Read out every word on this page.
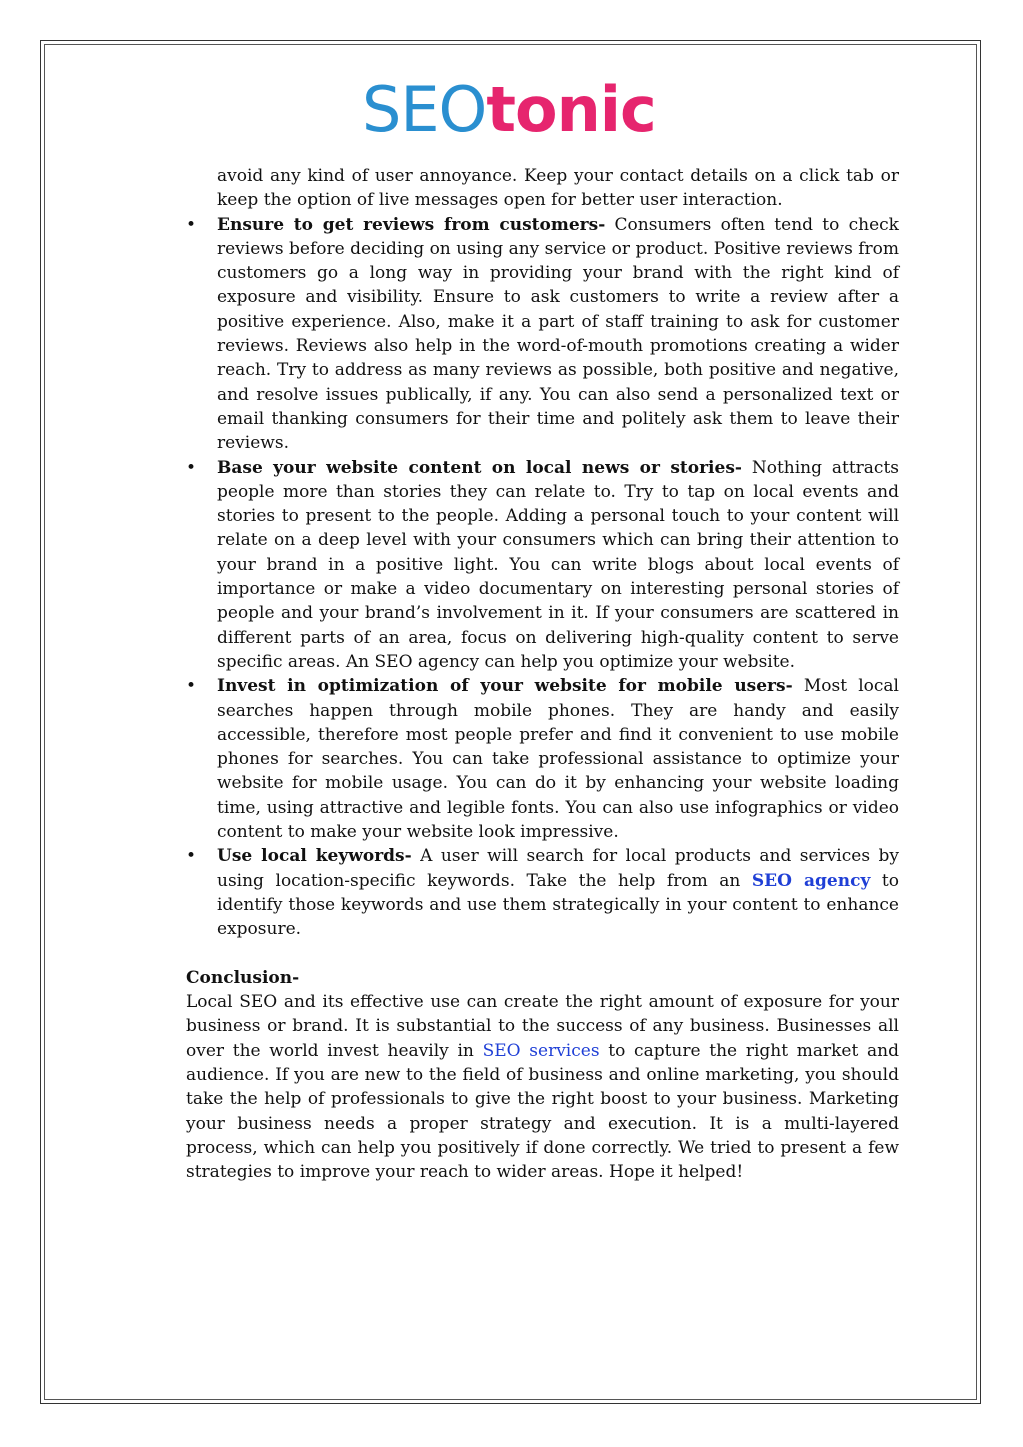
SEOtonic

avoid any kind of user annoyance. Keep your contact details on a click tab or keep the option of live messages open for better user interaction.

•	Ensure to get reviews from customers- Consumers often tend to check reviews before deciding on using any service or product. Positive reviews from customers go a long way in providing your brand with the right kind of exposure and visibility. Ensure to ask customers to write a review after a positive experience. Also, make it a part of staff training to ask for customer reviews. Reviews also help in the word-of-mouth promotions creating a wider reach. Try to address as many reviews as possible, both positive and negative, and resolve issues publically, if any. You can also send a personalized text or email thanking consumers for their time and politely ask them to leave their reviews.
•	Base your website content on local news or stories- Nothing attracts people more than stories they can relate to. Try to tap on local events and stories to present to the people. Adding a personal touch to your content will relate on a deep level with your consumers which can bring their attention to your brand in a positive light. You can write blogs about local events of importance or make a video documentary on interesting personal stories of people and your brand’s involvement in it. If your consumers are scattered in different parts of an area, focus on delivering high-quality content to serve specific areas. An SEO agency can help you optimize your website.
•	Invest in optimization of your website for mobile users- Most local searches happen through mobile phones. They are handy and easily accessible, therefore most people prefer and find it convenient to use mobile phones for searches. You can take professional assistance to optimize your website for mobile usage. You can do it by enhancing your website loading time, using attractive and legible fonts. You can also use infographics or video content to make your website look impressive.
•	Use local keywords- A user will search for local products and services by using location-specific keywords. Take the help from an SEO agency to identify those keywords and use them strategically in your content to enhance exposure.

Conclusion-

Local SEO and its effective use can create the right amount of exposure for your business or brand. It is substantial to the success of any business. Businesses all over the world invest heavily in SEO services to capture the right market and audience. If you are new to the field of business and online marketing, you should take the help of professionals to give the right boost to your business. Marketing your business needs a proper strategy and execution. It is a multi-layered process, which can help you positively if done correctly. We tried to present a few strategies to improve your reach to wider areas. Hope it helped!
